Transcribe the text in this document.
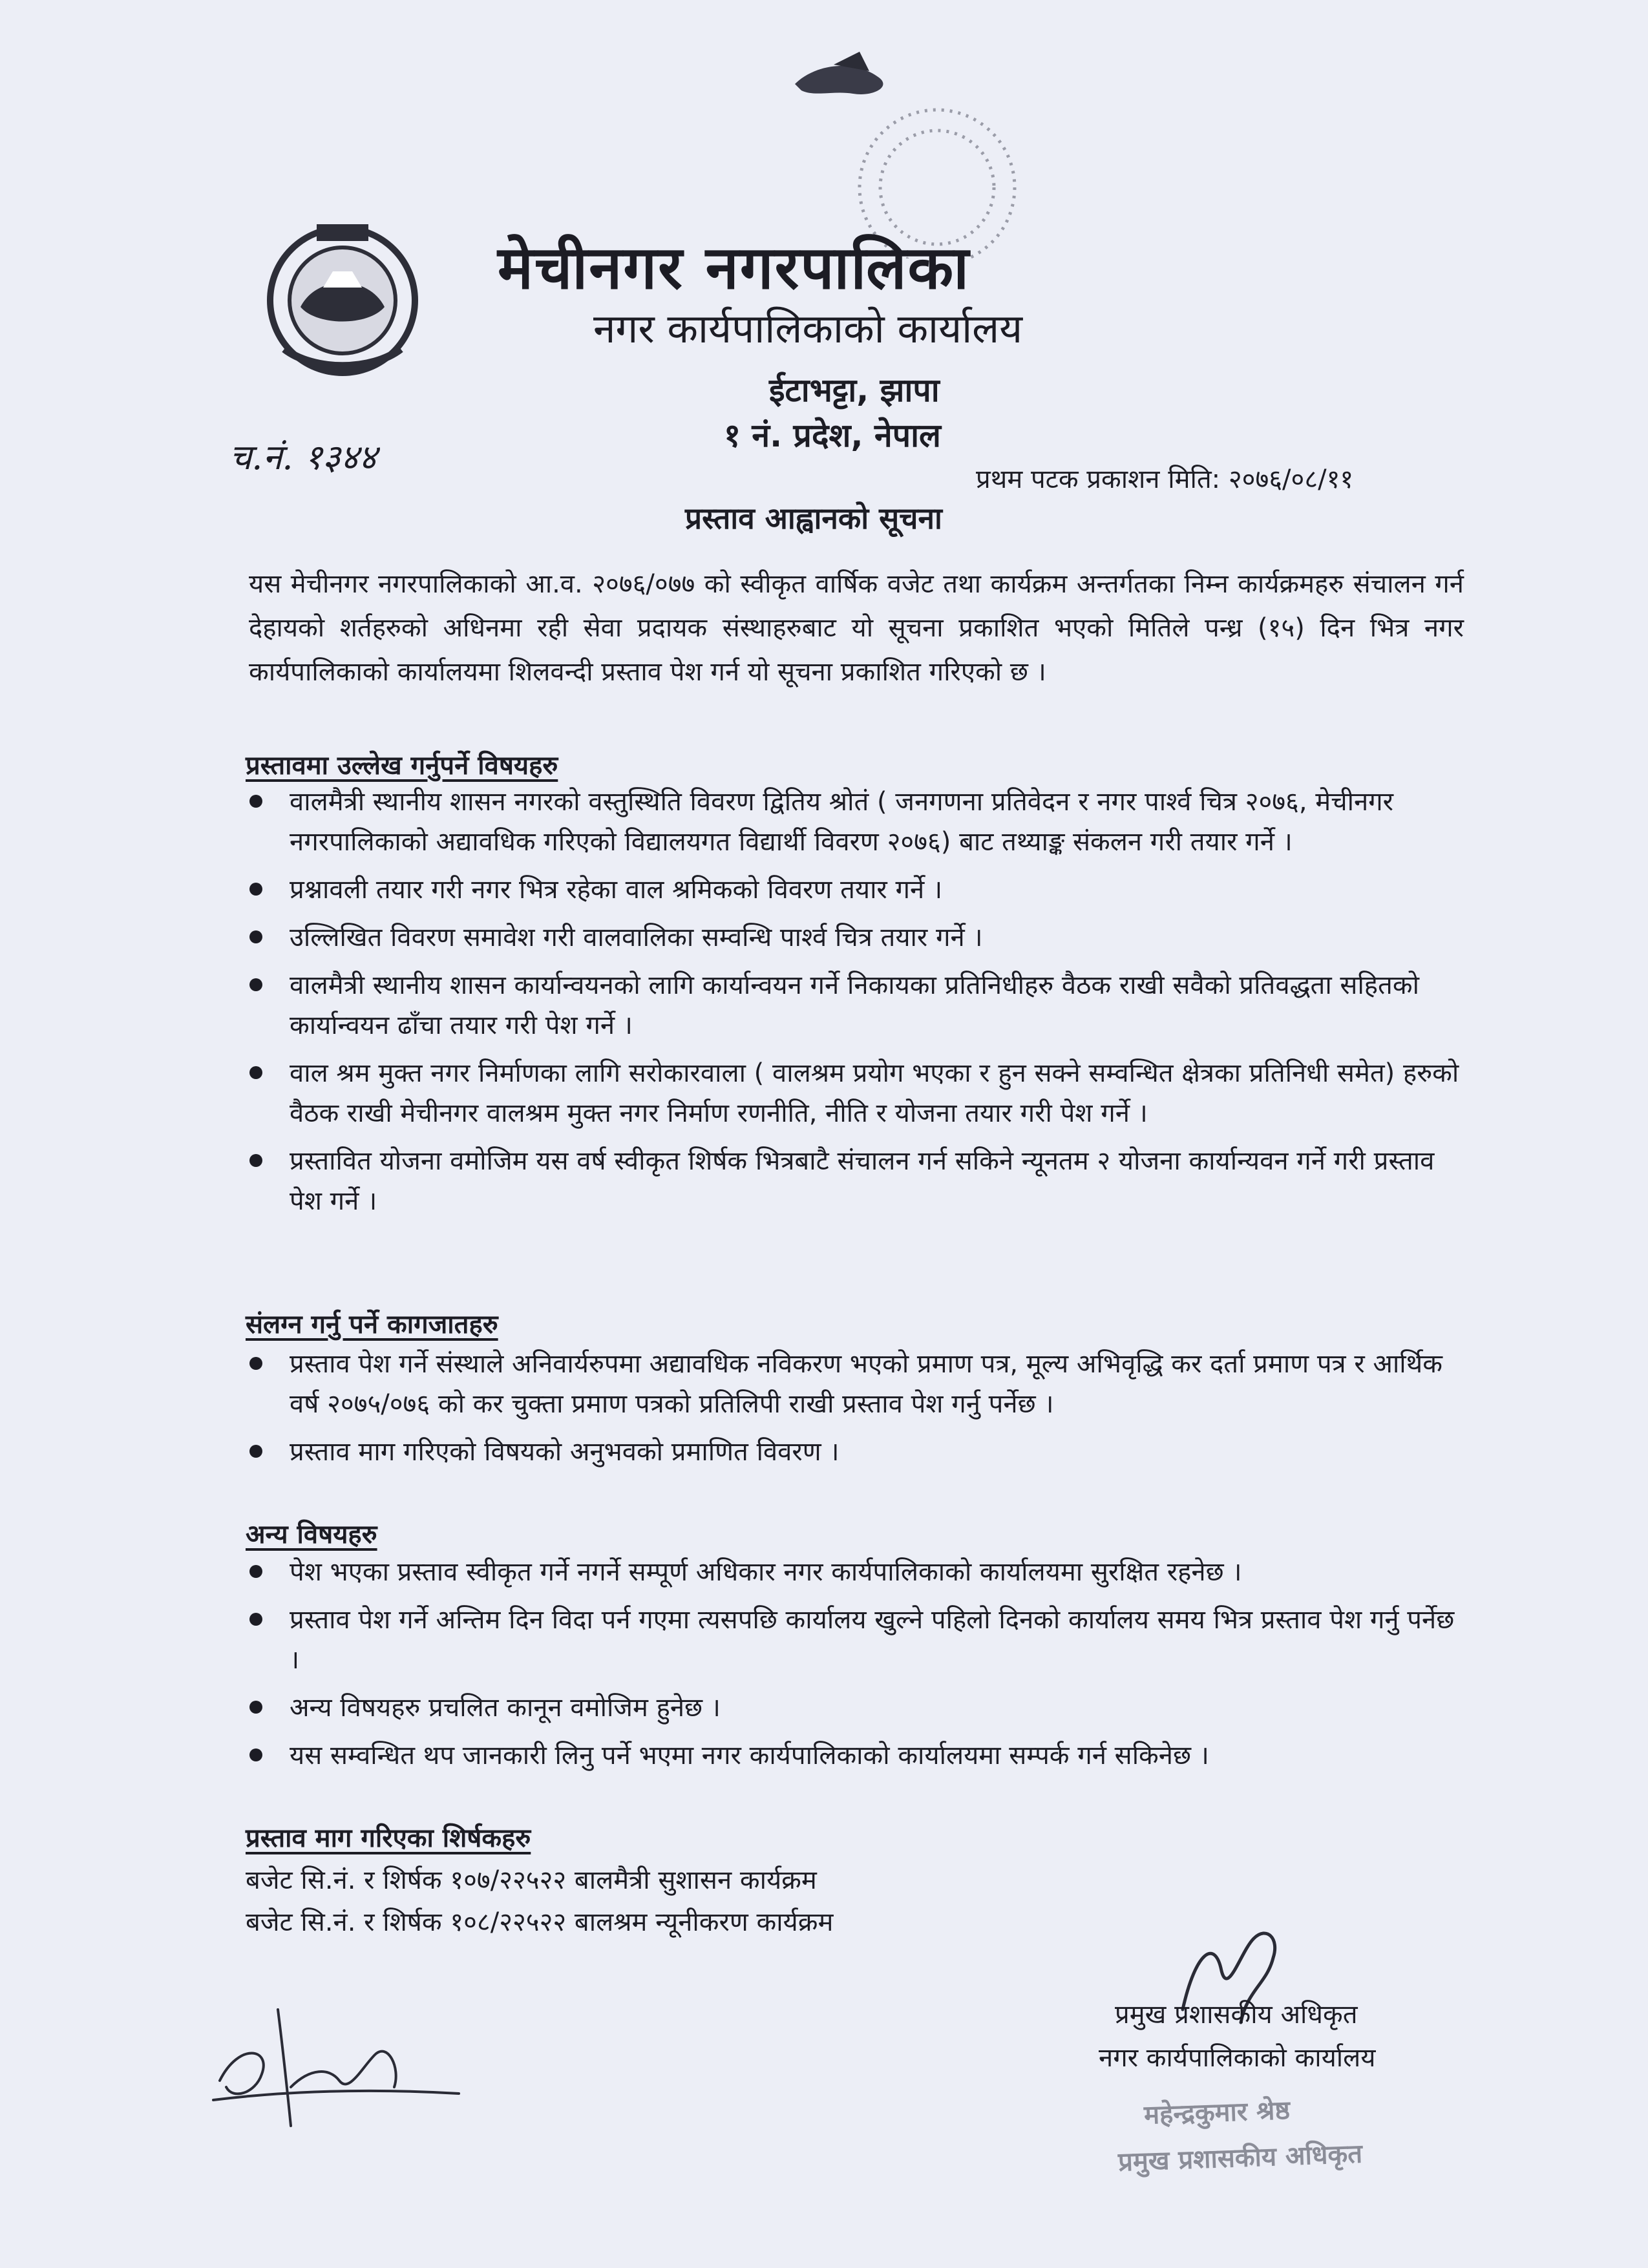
मेचीनगर नगरपालिका
नगर कार्यपालिकाको कार्यालय
ईटाभट्टा, झापा
१ नं. प्रदेश, नेपाल
च.नं. १३४४
प्रथम पटक प्रकाशन मिति: २०७६/०८/११
प्रस्ताव आह्वानको सूचना
यस मेचीनगर नगरपालिकाको आ.व. २०७६/०७७ को स्वीकृत वार्षिक वजेट तथा कार्यक्रम अन्तर्गतका निम्न कार्यक्रमहरु संचालन गर्न देहायको शर्तहरुको अधिनमा रही सेवा प्रदायक संस्थाहरुबाट यो सूचना प्रकाशित भएको मितिले पन्ध्र (१५) दिन भित्र नगर कार्यपालिकाको कार्यालयमा शिलवन्दी प्रस्ताव पेश गर्न यो सूचना प्रकाशित गरिएको छ ।
प्रस्तावमा उल्लेख गर्नुपर्ने विषयहरु
वालमैत्री स्थानीय शासन नगरको वस्तुस्थिति विवरण द्वितिय श्रोतं ( जनगणना प्रतिवेदन र नगर पार्श्व चित्र २०७६, मेचीनगर नगरपालिकाको अद्यावधिक गरिएको विद्यालयगत विद्यार्थी विवरण २०७६) बाट तथ्याङ्क संकलन गरी तयार गर्ने ।
प्रश्नावली तयार गरी नगर भित्र रहेका वाल श्रमिकको विवरण तयार गर्ने ।
उल्लिखित विवरण समावेश गरी वालवालिका सम्वन्धि पार्श्व चित्र तयार गर्ने ।
वालमैत्री स्थानीय शासन कार्यान्वयनको लागि कार्यान्वयन गर्ने निकायका प्रतिनिधीहरु वैठक राखी सवैको प्रतिवद्धता सहितको कार्यान्वयन ढाँचा तयार गरी पेश गर्ने ।
वाल श्रम मुक्त नगर निर्माणका लागि सरोकारवाला ( वालश्रम प्रयोग भएका र हुन सक्ने सम्वन्धित क्षेत्रका प्रतिनिधी समेत) हरुको वैठक राखी मेचीनगर वालश्रम मुक्त नगर निर्माण रणनीति, नीति र योजना तयार गरी पेश गर्ने ।
प्रस्तावित योजना वमोजिम यस वर्ष स्वीकृत शिर्षक भित्रबाटै संचालन गर्न सकिने न्यूनतम २ योजना कार्यान्यवन गर्ने गरी प्रस्ताव पेश गर्ने ।
संलग्न गर्नु पर्ने कागजातहरु
प्रस्ताव पेश गर्ने संस्थाले अनिवार्यरुपमा अद्यावधिक नविकरण भएको प्रमाण पत्र, मूल्य अभिवृद्धि कर दर्ता प्रमाण पत्र र आर्थिक वर्ष २०७५/०७६ को कर चुक्ता प्रमाण पत्रको प्रतिलिपी राखी प्रस्ताव पेश गर्नु पर्नेछ ।
प्रस्ताव माग गरिएको विषयको अनुभवको प्रमाणित विवरण ।
अन्य विषयहरु
पेश भएका प्रस्ताव स्वीकृत गर्ने नगर्ने सम्पूर्ण अधिकार नगर कार्यपालिकाको कार्यालयमा सुरक्षित रहनेछ ।
प्रस्ताव पेश गर्ने अन्तिम दिन विदा पर्न गएमा त्यसपछि कार्यालय खुल्ने पहिलो दिनको कार्यालय समय भित्र प्रस्ताव पेश गर्नु पर्नेछ ।
अन्य विषयहरु प्रचलित कानून वमोजिम हुनेछ ।
यस सम्वन्धित थप जानकारी लिनु पर्ने भएमा नगर कार्यपालिकाको कार्यालयमा सम्पर्क गर्न सकिनेछ ।
प्रस्ताव माग गरिएका शिर्षकहरु
बजेट सि.नं. र शिर्षक १०७/२२५२२ बालमैत्री सुशासन कार्यक्रम
बजेट सि.नं. र शिर्षक १०८/२२५२२ बालश्रम न्यूनीकरण कार्यक्रम
प्रमुख प्रशासकीय अधिकृत
नगर कार्यपालिकाको कार्यालय
महेन्द्रकुमार श्रेष्ठ
प्रमुख प्रशासकीय अधिकृत
